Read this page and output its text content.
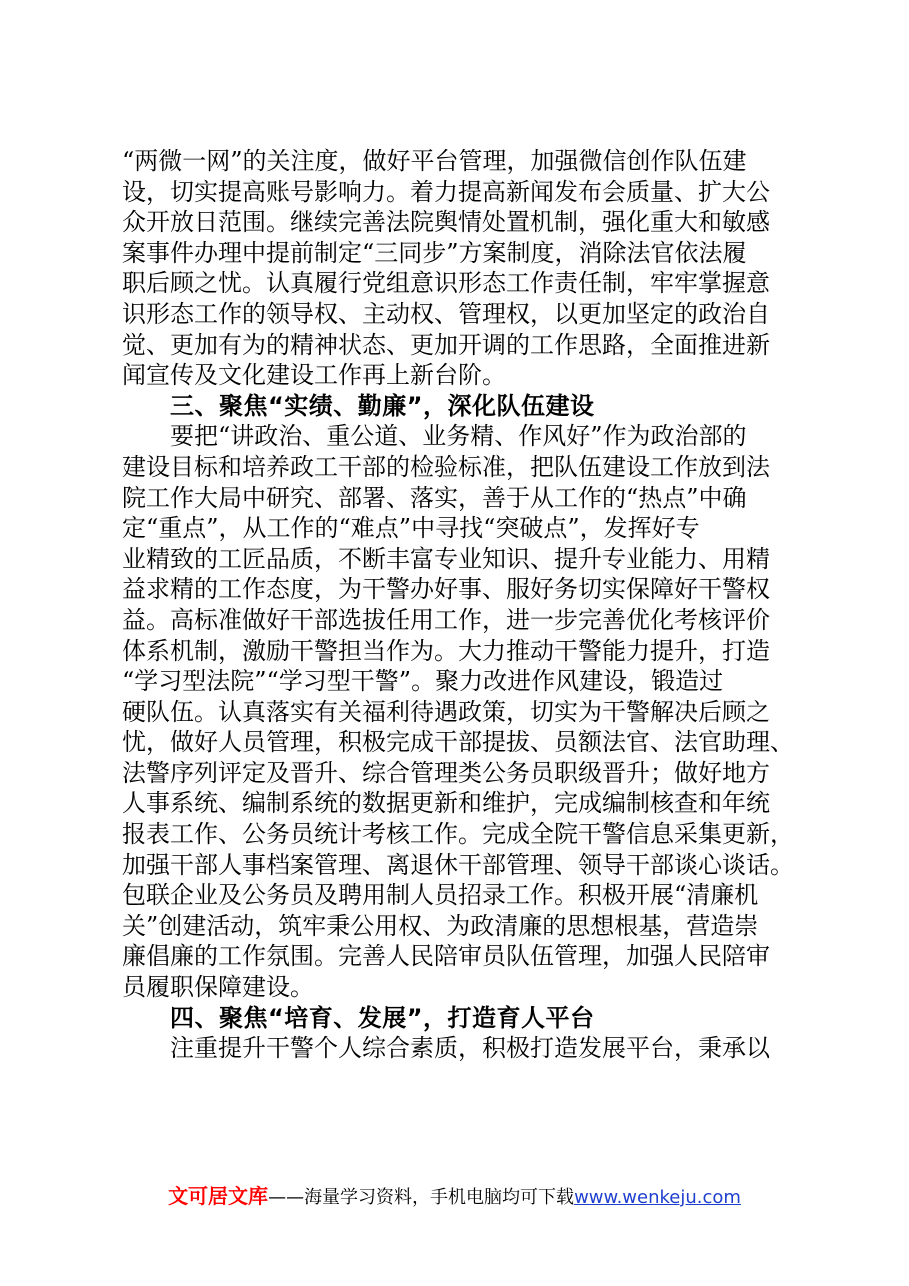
“两微一网”的关注度，做好平台管理，加强微信创作队伍建
设，切实提高账号影响力。着力提高新闻发布会质量、扩大公
众开放日范围。继续完善法院舆情处置机制，强化重大和敏感
案事件办理中提前制定“三同步”方案制度，消除法官依法履
职后顾之忧。认真履行党组意识形态工作责任制，牢牢掌握意
识形态工作的领导权、主动权、管理权，以更加坚定的政治自
觉、更加有为的精神状态、更加开调的工作思路，全面推进新
闻宣传及文化建设工作再上新台阶。
三、聚焦“实绩、勤廉”，深化队伍建设
要把“讲政治、重公道、业务精、作风好”作为政治部的
建设目标和培养政工干部的检验标准，把队伍建设工作放到法
院工作大局中研究、部署、落实，善于从工作的“热点”中确
定“重点”，从工作的“难点”中寻找“突破点”，发挥好专
业精致的工匠品质，不断丰富专业知识、提升专业能力、用精
益求精的工作态度，为干警办好事、服好务切实保障好干警权
益。高标准做好干部选拔任用工作，进一步完善优化考核评价
体系机制，激励干警担当作为。大力推动干警能力提升，打造
“学习型法院”“学习型干警”。聚力改进作风建设，锻造过
硬队伍。认真落实有关福利待遇政策，切实为干警解决后顾之
忧，做好人员管理，积极完成干部提拔、员额法官、法官助理、
法警序列评定及晋升、综合管理类公务员职级晋升；做好地方
人事系统、编制系统的数据更新和维护，完成编制核查和年统
报表工作、公务员统计考核工作。完成全院干警信息采集更新，
加强干部人事档案管理、离退休干部管理、领导干部谈心谈话。
包联企业及公务员及聘用制人员招录工作。积极开展“清廉机
关”创建活动，筑牢秉公用权、为政清廉的思想根基，营造崇
廉倡廉的工作氛围。完善人民陪审员队伍管理，加强人民陪审
员履职保障建设。
四、聚焦“培育、发展”，打造育人平台
注重提升干警个人综合素质，积极打造发展平台，秉承以
文可居文库——海量学习资料，手机电脑均可下载www.wenkeju.com
